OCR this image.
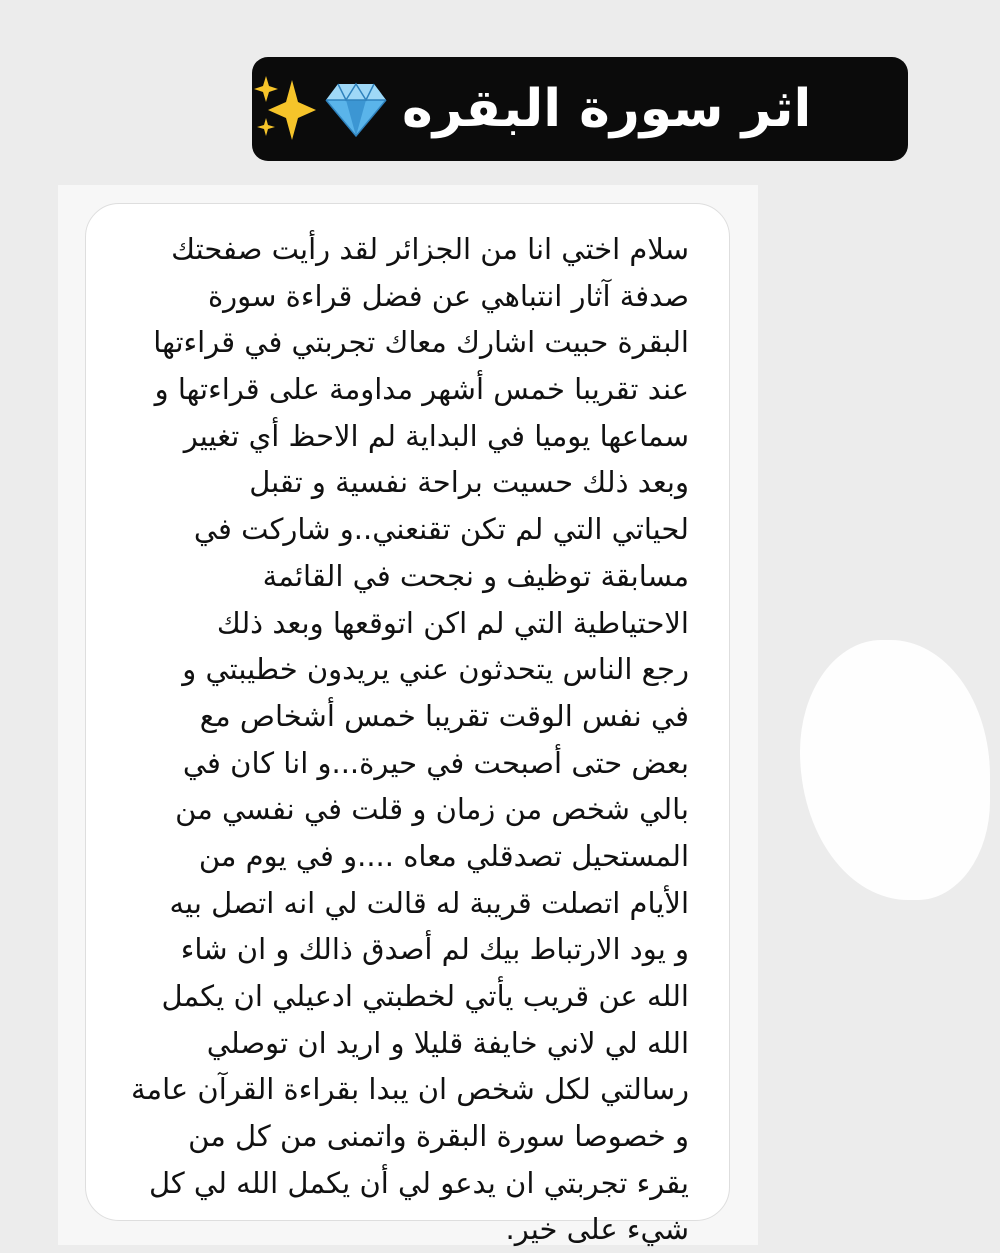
اثر سورة البقره
سلام اختي انا من الجزائر لقد رأيت صفحتك
صدفة آثار انتباهي عن فضل قراءة سورة
البقرة حبيت اشارك معاك تجربتي في قراءتها
عند تقريبا خمس أشهر مداومة على قراءتها و
سماعها يوميا في البداية لم الاحظ أي تغيير
وبعد ذلك حسيت براحة نفسية و تقبل
لحياتي التي لم تكن تقنعني..و شاركت في
مسابقة توظيف و نجحت في القائمة
الاحتياطية التي لم اكن اتوقعها وبعد ذلك
رجع الناس يتحدثون عني يريدون خطيبتي و
في نفس الوقت تقريبا خمس أشخاص مع
بعض حتى أصبحت في حيرة...و انا كان في
بالي شخص من زمان و قلت في نفسي من
المستحيل تصدقلي معاه ....و في يوم من
الأيام اتصلت قريبة له قالت لي انه اتصل بيه
و يود الارتباط بيك لم أصدق ذالك و ان شاء
الله عن قريب يأتي لخطبتي ادعيلي ان يكمل
الله لي لاني خايفة قليلا و اريد ان توصلي
رسالتي لكل شخص ان يبدا بقراءة القرآن عامة
و خصوصا سورة البقرة واتمنى من كل من
يقرء تجربتي ان يدعو لي أن يكمل الله لي كل
شيء على خير.
